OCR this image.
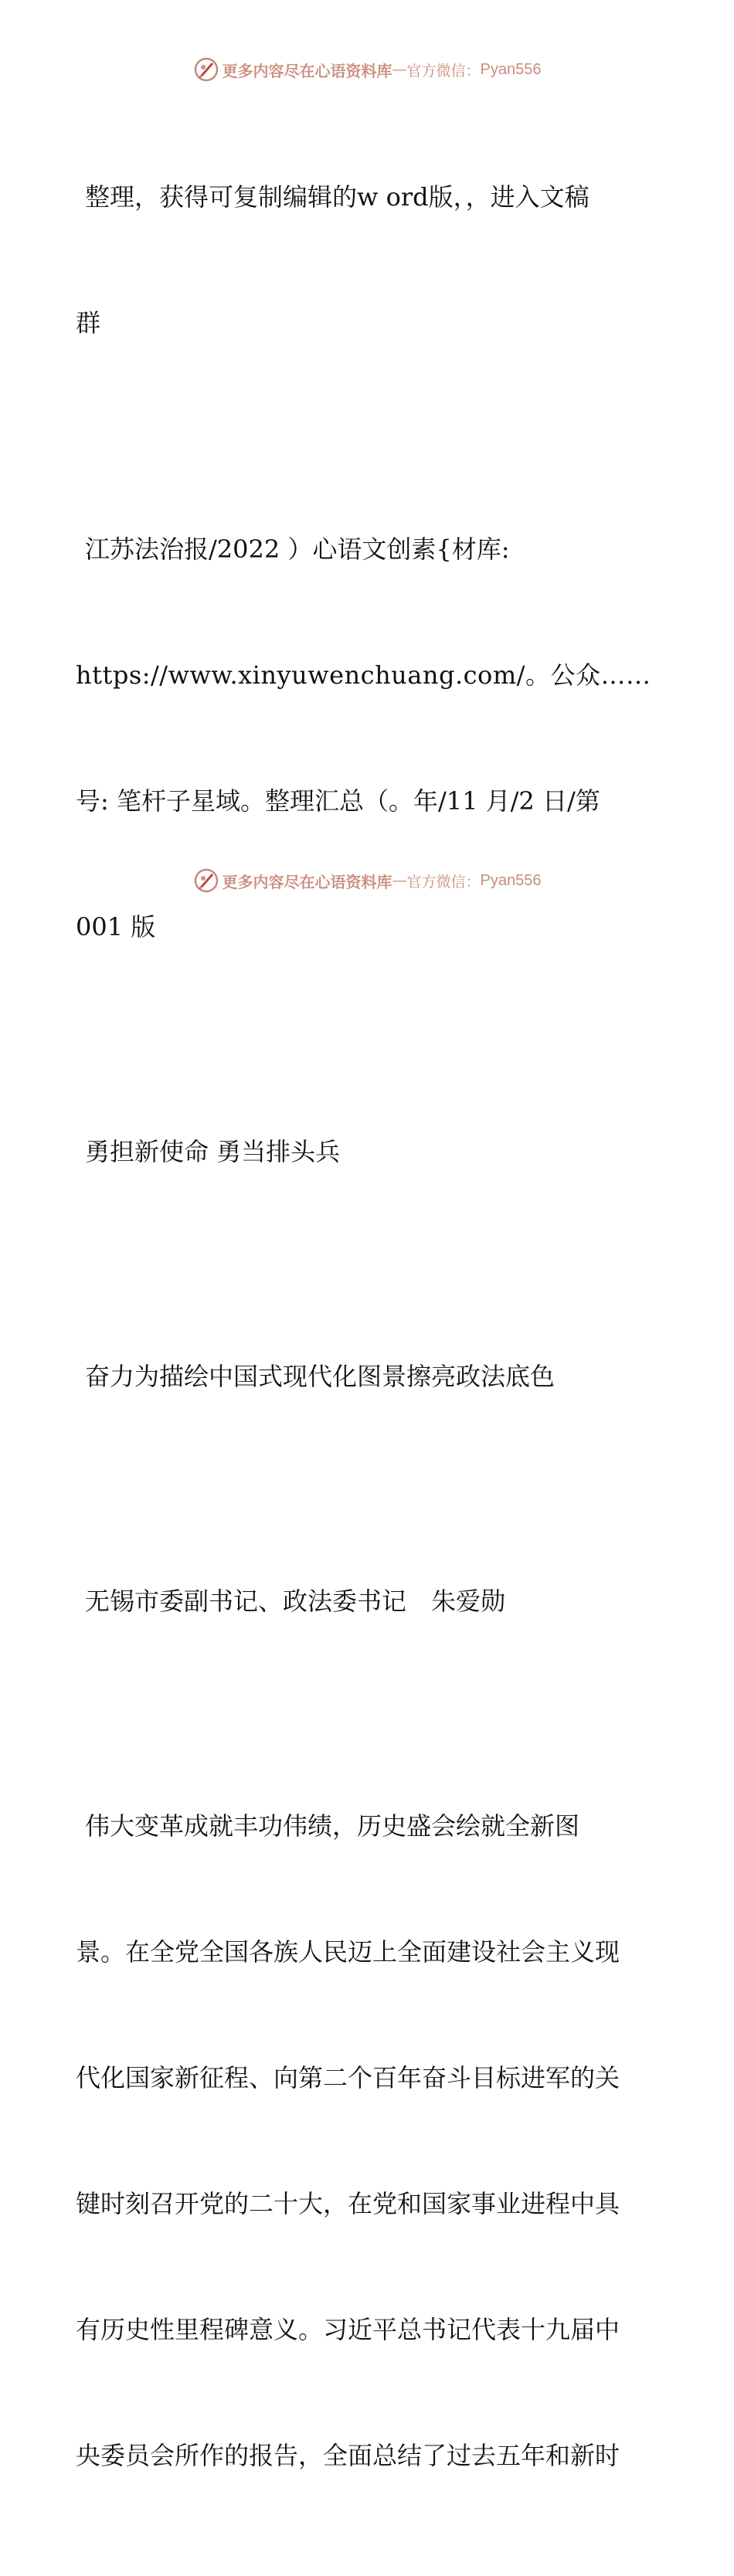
更多内容尽在心语资料库 — 官方微信： Pyan556

整理，获得可复制编辑的w ord版，，进入文稿

群

江苏法治报/2022 ）心语文创素{材库:

https://www.xinyuwenchuang.com/。公众……

号: 笔杆子星域。整理汇总（。年/11 月/2 日/第

001 版

勇担新使命 勇当排头兵

奋力为描绘中国式现代化图景擦亮政法底色

无锡市委副书记、政法委书记　朱爱勋

伟大变革成就丰功伟绩，历史盛会绘就全新图

景。在全党全国各族人民迈上全面建设社会主义现

代化国家新征程、向第二个百年奋斗目标进军的关

键时刻召开党的二十大，在党和国家事业进程中具

有历史性里程碑意义。习近平总书记代表十九届中

央委员会所作的报告，全面总结了过去五年和新时

更多内容尽在心语资料库 — 官方微信： Pyan556
